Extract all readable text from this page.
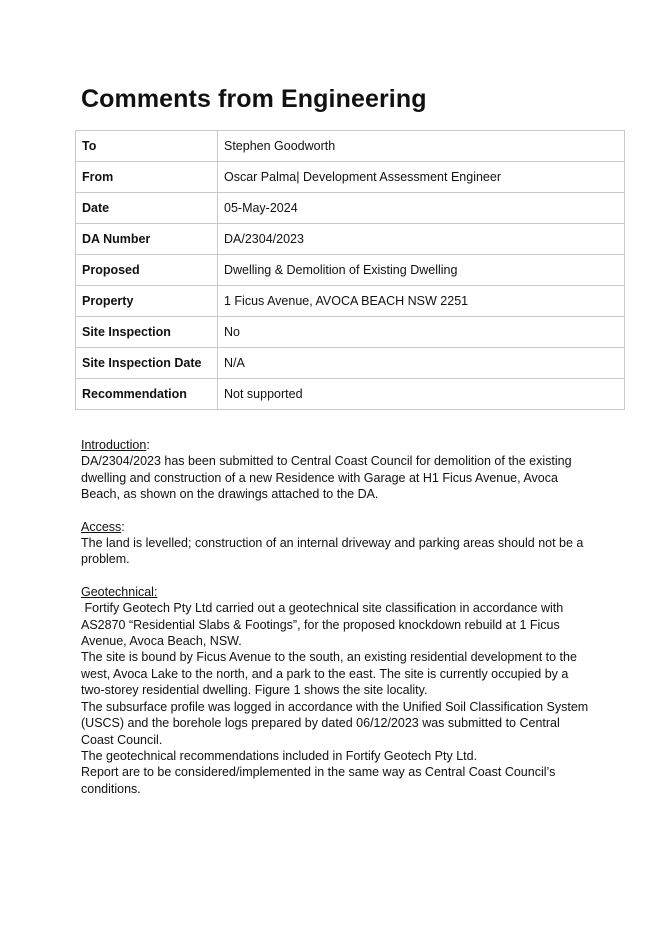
Comments from Engineering
To	Stephen Goodworth
From	Oscar Palma| Development Assessment Engineer
Date	05-May-2024
DA Number	DA/2304/2023
Proposed	Dwelling & Demolition of Existing Dwelling
Property	1 Ficus Avenue, AVOCA BEACH NSW 2251
Site Inspection	No
Site Inspection Date	N/A
Recommendation	Not supported

Introduction:

DA/2304/2023 has been submitted to Central Coast Council for demolition of the existing dwelling and construction of a new Residence with Garage at H1 Ficus Avenue, Avoca Beach, as shown on the drawings attached to the DA.

Access:

The land is levelled; construction of an internal driveway and parking areas should not be a problem.

Geotechnical:

Fortify Geotech Pty Ltd carried out a geotechnical site classification in accordance with AS2870 “Residential Slabs & Footings”, for the proposed knockdown rebuild at 1 Ficus Avenue, Avoca Beach, NSW.

The site is bound by Ficus Avenue to the south, an existing residential development to the west, Avoca Lake to the north, and a park to the east. The site is currently occupied by a two-storey residential dwelling. Figure 1 shows the site locality.

The subsurface profile was logged in accordance with the Unified Soil Classification System (USCS) and the borehole logs prepared by dated 06/12/2023 was submitted to Central Coast Council.

The geotechnical recommendations included in Fortify Geotech Pty Ltd.

Report are to be considered/implemented in the same way as Central Coast Council’s conditions.
